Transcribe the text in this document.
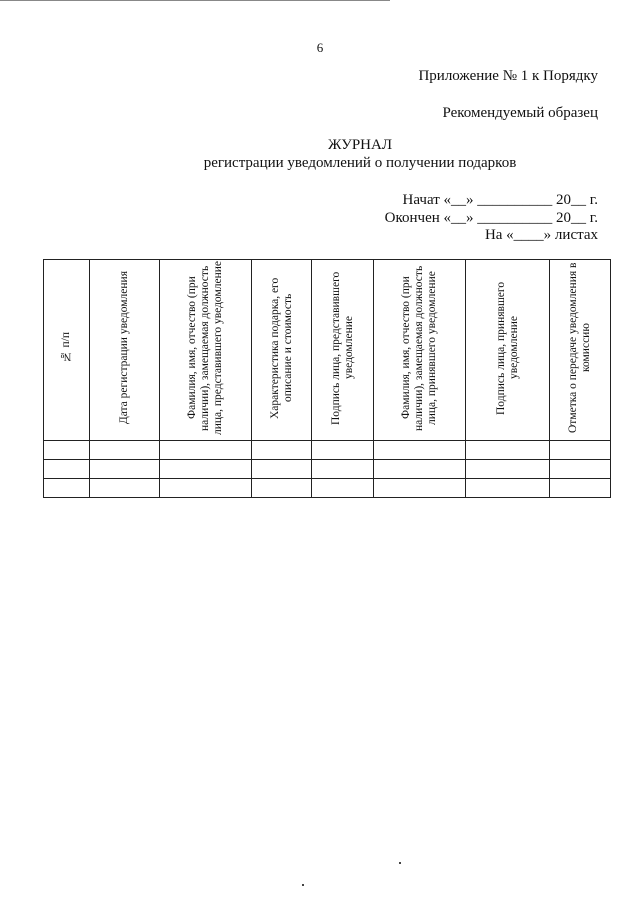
6
Приложение № 1 к Порядку
Рекомендуемый образец
ЖУРНАЛ
регистрации уведомлений о получении подарков
Начат «__» __________ 20__ г.
Окончен «__» __________ 20__ г.
На «____» листах
№ п/п	Дата регистрации уведомления	Фамилия, имя, отчество (при наличии), замещаемая должность лица, представившего уведомление	Характеристика подарка, его описание и стоимость	Подпись лица, представившего уведомление	Фамилия, имя, отчество (при наличии), замещаемая должность лица, принявшего уведомление	Подпись лица, принявшего уведомление	Отметка о передаче уведомления в комиссию
